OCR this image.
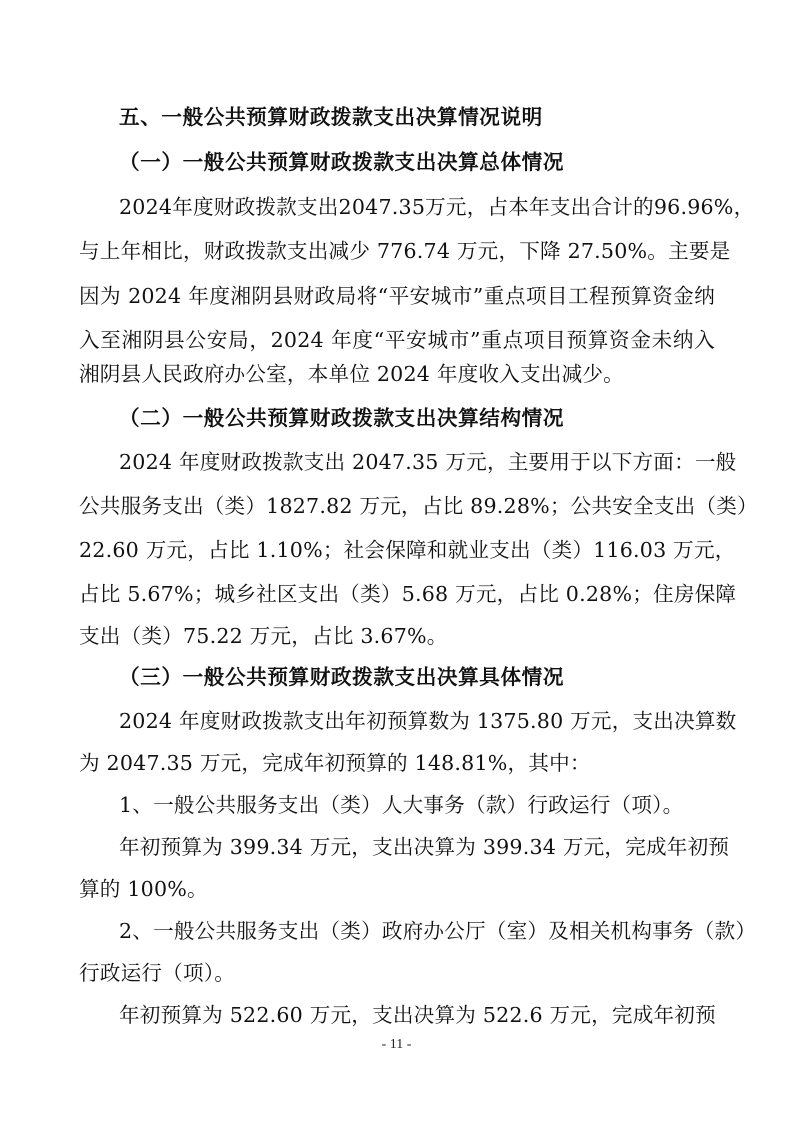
五、一般公共预算财政拨款支出决算情况说明
（一）一般公共预算财政拨款支出决算总体情况
2024年度财政拨款支出2047.35万元，占本年支出合计的96.96%，
与上年相比，财政拨款支出减少 776.74 万元，下降 27.50%。主要是
因为 2024 年度湘阴县财政局将“平安城市”重点项目工程预算资金纳
入至湘阴县公安局，2024 年度“平安城市”重点项目预算资金未纳入
湘阴县人民政府办公室，本单位 2024 年度收入支出减少。
（二）一般公共预算财政拨款支出决算结构情况
2024 年度财政拨款支出 2047.35 万元，主要用于以下方面：一般
公共服务支出（类）1827.82 万元，占比 89.28%；公共安全支出（类）
22.60 万元，占比 1.10%；社会保障和就业支出（类）116.03 万元，
占比 5.67%；城乡社区支出（类）5.68 万元，占比 0.28%；住房保障
支出（类）75.22 万元，占比 3.67%。
（三）一般公共预算财政拨款支出决算具体情况
2024 年度财政拨款支出年初预算数为 1375.80 万元，支出决算数
为 2047.35 万元，完成年初预算的 148.81%，其中：
1、一般公共服务支出（类）人大事务（款）行政运行（项）。
年初预算为 399.34 万元，支出决算为 399.34 万元，完成年初预
算的 100%。
2、一般公共服务支出（类）政府办公厅（室）及相关机构事务（款）
行政运行（项）。
年初预算为 522.60 万元，支出决算为 522.6 万元，完成年初预
- 11 -
